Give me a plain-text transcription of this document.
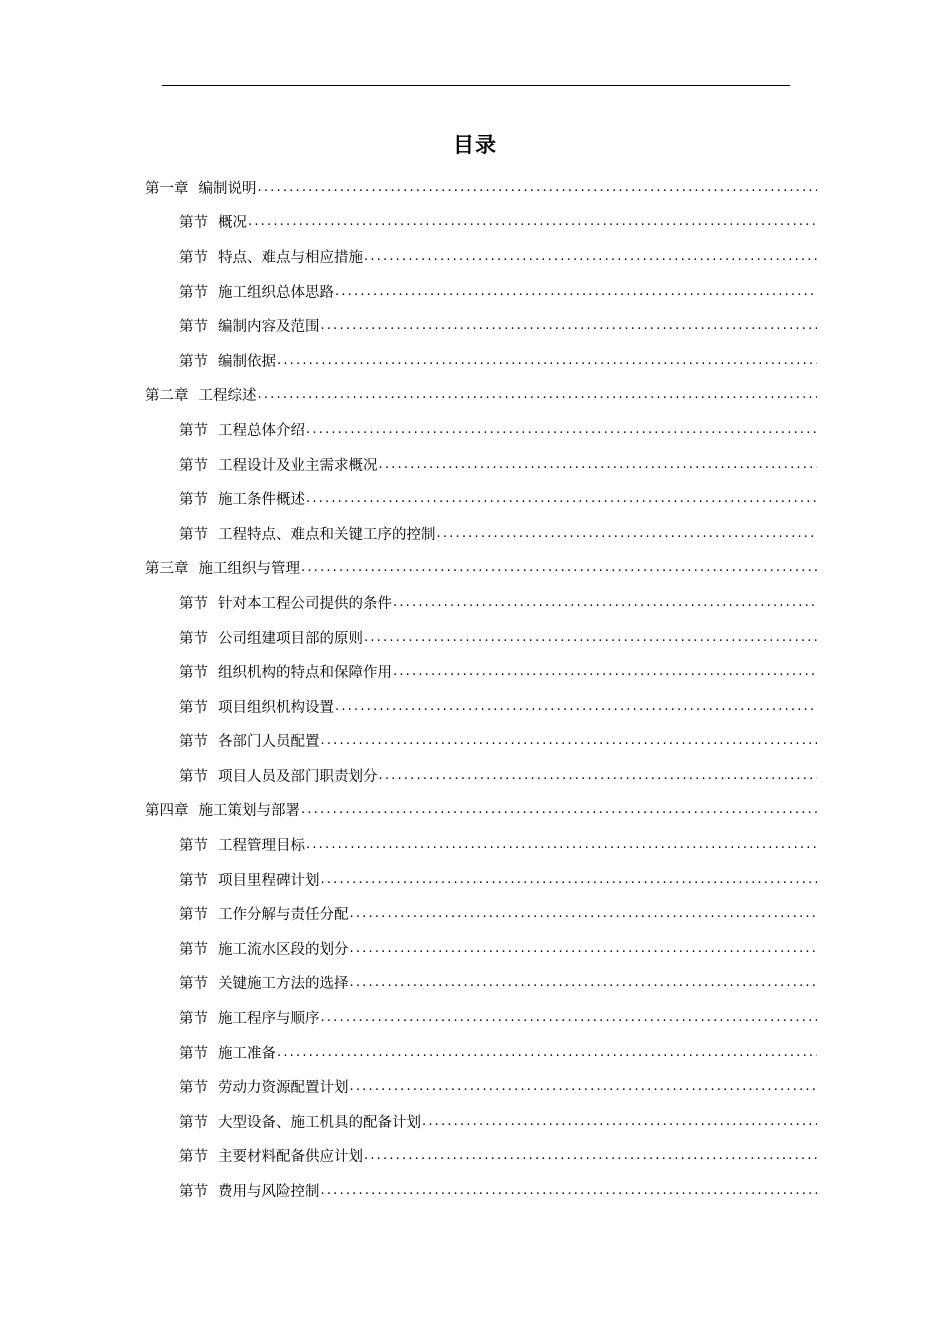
目录
第一章 编制说明
.....
第节 概况
.....
第节 特点、难点与相应措施
.....
第节 施工组织总体思路
.....
第节 编制内容及范围
.....
第节 编制依据
.....
第二章 工程综述
.....
第节 工程总体介绍
.....
第节 工程设计及业主需求概况
.....
第节 施工条件概述
.....
第节 工程特点、难点和关键工序的控制
.....
第三章 施工组织与管理
.....
第节 针对本工程公司提供的条件
.....
第节 公司组建项目部的原则
.....
第节 组织机构的特点和保障作用
.....
第节 项目组织机构设置
.....
第节 各部门人员配置
.....
第节 项目人员及部门职责划分
.....
第四章 施工策划与部署
.....
第节 工程管理目标
.....
第节 项目里程碑计划
.....
第节 工作分解与责任分配
.....
第节 施工流水区段的划分
.....
第节 关键施工方法的选择
.....
第节 施工程序与顺序
.....
第节 施工准备
.....
第节 劳动力资源配置计划
.....
第节 大型设备、施工机具的配备计划
.....
第节 主要材料配备供应计划
.....
第节 费用与风险控制
.....
